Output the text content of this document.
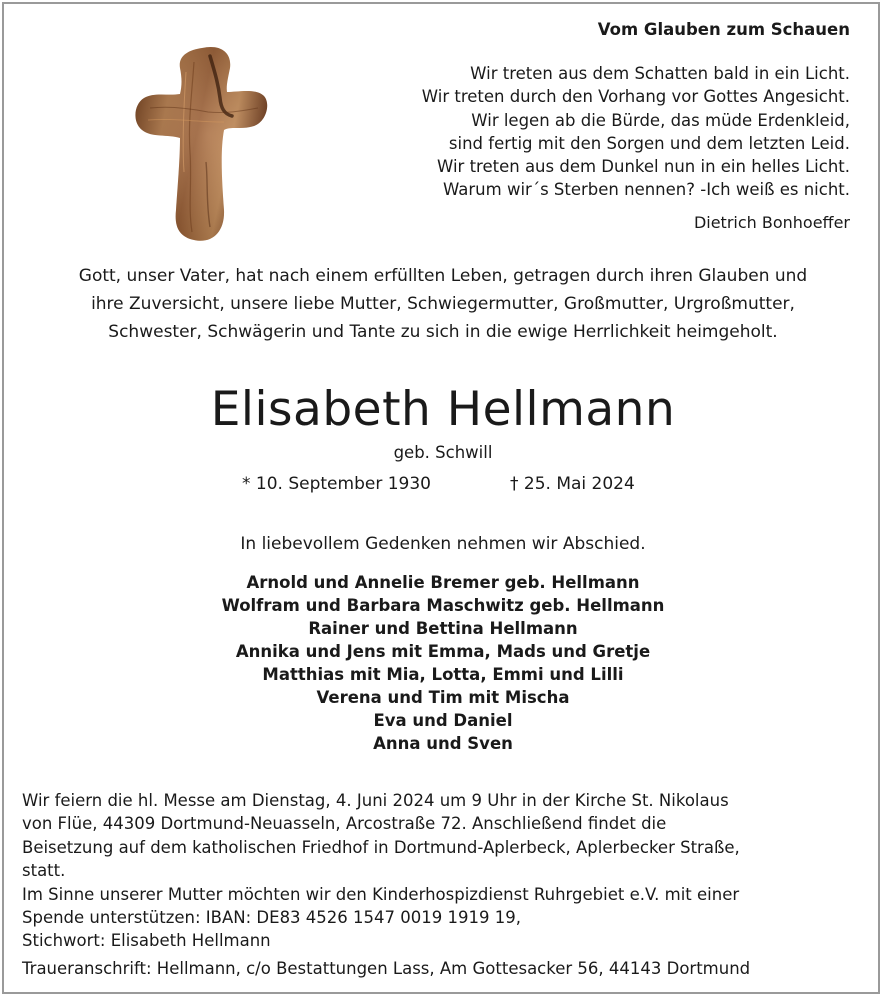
Vom Glauben zum Schauen
Wir treten aus dem Schatten bald in ein Licht.
Wir treten durch den Vorhang vor Gottes Angesicht.
Wir legen ab die Bürde, das müde Erdenkleid,
sind fertig mit den Sorgen und dem letzten Leid.
Wir treten aus dem Dunkel nun in ein helles Licht.
Warum wir´s Sterben nennen? -Ich weiß es nicht.
Dietrich Bonhoeffer
Gott, unser Vater, hat nach einem erfüllten Leben, getragen durch ihren Glauben und
ihre Zuversicht, unsere liebe Mutter, Schwiegermutter, Großmutter, Urgroßmutter,
Schwester, Schwägerin und Tante zu sich in die ewige Herrlichkeit heimgeholt.
Elisabeth Hellmann
geb. Schwill
* 10. September 1930	† 25. Mai 2024
In liebevollem Gedenken nehmen wir Abschied.
Arnold und Annelie Bremer geb. Hellmann
Wolfram und Barbara Maschwitz geb. Hellmann
Rainer und Bettina Hellmann
Annika und Jens mit Emma, Mads und Gretje
Matthias mit Mia, Lotta, Emmi und Lilli
Verena und Tim mit Mischa
Eva und Daniel
Anna und Sven
Wir feiern die hl. Messe am Dienstag, 4. Juni 2024 um 9 Uhr in der Kirche St. Nikolaus
von Flüe, 44309 Dortmund-Neuasseln, Arcostraße 72. Anschließend findet die
Beisetzung auf dem katholischen Friedhof in Dortmund-Aplerbeck, Aplerbecker Straße,
statt.
Im Sinne unserer Mutter möchten wir den Kinderhospizdienst Ruhrgebiet e.V. mit einer
Spende unterstützen: IBAN: DE83 4526 1547 0019 1919 19,
Stichwort: Elisabeth Hellmann
Traueranschrift: Hellmann, c/o Bestattungen Lass, Am Gottesacker 56, 44143 Dortmund
